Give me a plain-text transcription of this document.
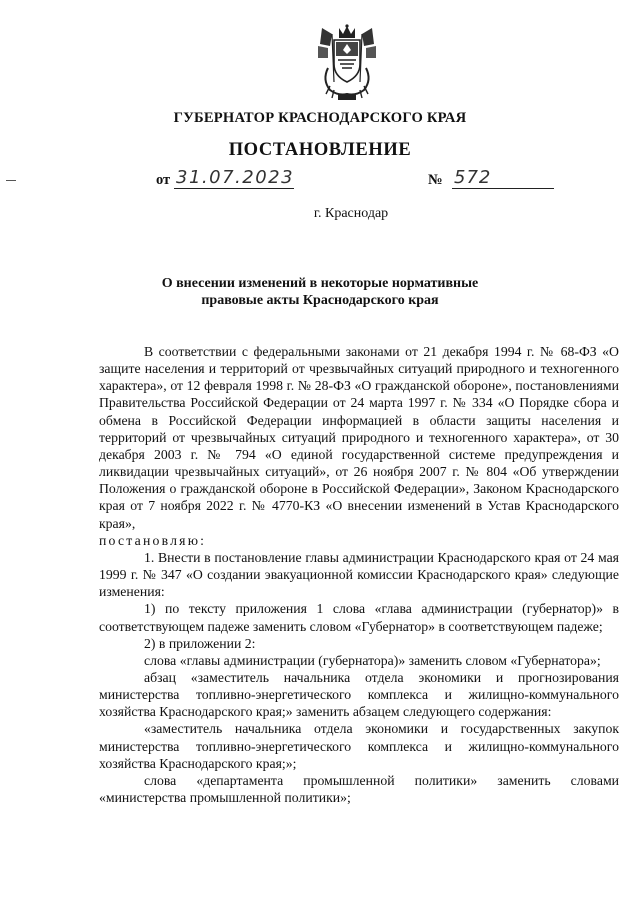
ГУБЕРНАТОР КРАСНОДАРСКОГО КРАЯ
ПОСТАНОВЛЕНИЕ
от 31.07.2023	№ 572

г. Краснодар

О внесении изменений в некоторые нормативные
правовые акты Краснодарского края

В соответствии с федеральными законами от 21 декабря 1994 г. № 68-ФЗ «О защите населения и территорий от чрезвычайных ситуаций природного и техногенного характера», от 12 февраля 1998 г. № 28-ФЗ «О гражданской обороне», постановлениями Правительства Российской Федерации от 24 марта 1997 г. № 334 «О Порядке сбора и обмена в Российской Федерации информацией в области защиты населения и территорий от чрезвычайных ситуаций природного и техногенного характера», от 30 декабря 2003 г. № 794 «О единой государственной системе предупреждения и ликвидации чрезвычайных ситуаций», от 26 ноября 2007 г. № 804 «Об утверждении Положения о гражданской обороне в Российской Федерации», Законом Краснодарского края от 7 ноября 2022 г. № 4770-КЗ «О внесении изменений в Устав Краснодарского края»,

постановляю:

1. Внести в постановление главы администрации Краснодарского края от 24 мая 1999 г. № 347 «О создании эвакуационной комиссии Краснодарского края» следующие изменения:

1) по тексту приложения 1 слова «глава администрации (губернатор)» в соответствующем падеже заменить словом «Губернатор» в соответствующем падеже;

2) в приложении 2:

слова «главы администрации (губернатора)» заменить словом «Губернатора»;

абзац «заместитель начальника отдела экономики и прогнозирования министерства топливно-энергетического комплекса и жилищно-коммунального хозяйства Краснодарского края;» заменить абзацем следующего содержания:

«заместитель начальника отдела экономики и государственных закупок министерства топливно-энергетического комплекса и жилищно-коммунального хозяйства Краснодарского края;»;

слова «департамента промышленной политики» заменить словами «министерства промышленной политики»;
